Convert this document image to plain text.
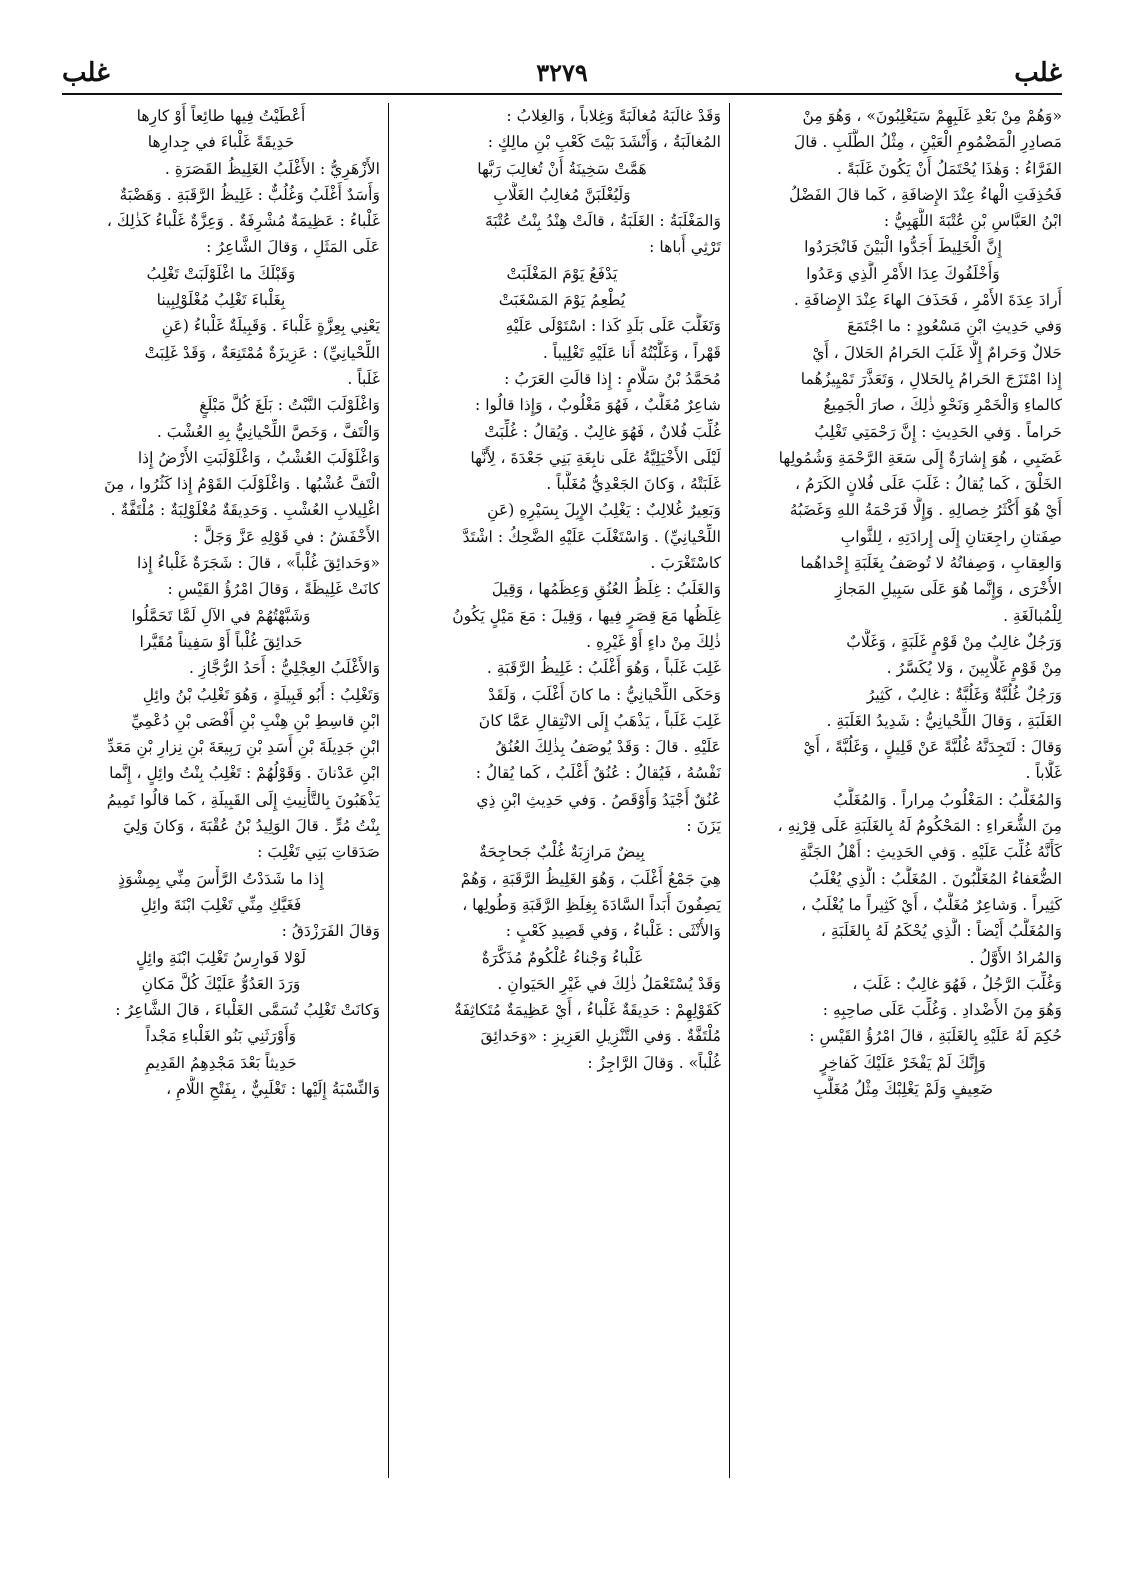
غلب
٣٢٧٩
غلب
«وَهُمْ مِنْ بَعْدِ غَلَبِهِمْ سَيَغْلِبُونَ» ، وَهُوَ مِنْ
مَصادِرِ الْمَضْمُومِ الْعَيْنِ ، مِثْلُ الطَّلَبِ . قالَ
الفَرَّاءُ : وَهٰذَا يُحْتَمَلُ أَنْ يَكُونَ غَلَبَةً .
فَحُذِفَتِ الْهاءُ عِنْدَ الإِضافَةِ ، كَما قالَ الفَضْلُ
ابْنُ العَبَّاسِ بْنِ عُتْبَةَ اللَّهَبِيُّ :
إِنَّ الْخَلِيطَ أَجَدُّوا الْبَيْنَ فَانْجَرَدُوا
وَأَخْلَفُوكَ عِدَا الأَمْرِ الَّذِي وَعَدُوا
أَرادَ عِدَةَ الأَمْرِ ، فَحَذَفَ الهاءَ عِنْدَ الإِضافَةِ .
وَفي حَدِيثِ ابْنِ مَسْعُودٍ : ما اجْتَمَعَ
حَلالٌ وَحَرامٌ إِلَّا غَلَبَ الحَرامُ الحَلالَ ، أَيْ
إِذا امْتَزَجَ الحَرامُ بِالحَلالِ ، وَتَعَذَّرَ تَمْيِيزُهُما
كالماءِ وَالْخَمْرِ وَنَحْوِ ذٰلِكَ ، صارَ الْجَمِيعُ
حَراماً . وَفي الحَدِيثِ : إِنَّ رَحْمَتِي تَغْلِبُ
غَضَبِي ، هُوَ إِشارَةٌ إِلَى سَعَةِ الرَّحْمَةِ وَشُمُولِها
الخَلْقَ ، كَما يُقالُ : غَلَبَ عَلَى فُلانٍ الكَرَمُ ،
أَيْ هُوَ أَكْثَرُ خِصالِهِ . وَإِلَّا فَرَحْمَةُ اللهِ وَغَضَبُهُ
صِفَتانِ راجِعَتانِ إِلَى إِرادَتِهِ ، لِلثَّوابِ
وَالعِقابِ ، وَصِفاتُهُ لا تُوصَفُ بِغَلَبَةِ إِحْداهُما
الأُخْرَى ، وَإِنَّما هُوَ عَلَى سَبِيلِ المَجازِ
لِلْمُبالَغَةِ .
وَرَجُلٌ غالِبٌ مِنْ قَوْمٍ غَلَبَةٍ ، وَغَلَّابٌ
مِنْ قَوْمٍ غَلَّابِينَ ، وَلا يُكَسَّرُ .
وَرَجُلٌ غُلُبَّةٌ وَغَلُبَّةٌ : غالِبٌ ، كَثِيرُ
الغَلَبَةِ ، وَقالَ اللِّحْيانِيُّ : شَدِيدُ الغَلَبَةِ .
وَقالَ : لَتَجِدَنَّهُ غُلُبَّةً عَنْ قَلِيلٍ ، وَغَلُبَّةً ، أَيْ
غَلَّاباً .
وَالمُغَلَّبُ : المَغْلُوبُ مِراراً . وَالمُغَلَّبُ
مِنَ الشُّعَراءِ : المَحْكُومُ لَهُ بِالغَلَبَةِ عَلَى قِرْنِهِ ،
كَأَنَّهُ غُلِّبَ عَلَيْهِ . وَفي الحَدِيثِ : أَهْلُ الجَنَّةِ
الضُّعَفاءُ المُغَلَّبُونَ . المُغَلَّبُ : الَّذِي يُغْلَبُ
كَثِيراً . وَشاعِرٌ مُغَلَّبٌ ، أَيْ كَثِيراً ما يُغْلَبُ ،
وَالمُغَلَّبُ أَيْضاً : الَّذِي يُحْكَمُ لَهُ بِالغَلَبَةِ ،
وَالمُرادُ الأَوَّلُ .
وَغُلِّبَ الرَّجُلُ ، فَهُوَ غالِبٌ : غَلَبَ ،
وَهُوَ مِنَ الأَضْدادِ . وَغُلِّبَ عَلَى صاحِبِهِ :
حُكِمَ لَهُ عَلَيْهِ بِالغَلَبَةِ ، قالَ امْرُؤُ القَيْسِ :
وَإِنَّكَ لَمْ يَفْخَرْ عَلَيْكَ كَفاخِرٍ
ضَعِيفٍ وَلَمْ يَغْلِبْكَ مِثْلُ مُغَلَّبِ
وَقَدْ غالَبَهُ مُغالَبَةً وَغِلاباً ، وَالغِلابُ :
المُغالَبَةُ ، وَأَنْشَدَ بَيْتَ كَعْبِ بْنِ مالِكٍ :
هَمَّتْ سَخِينَةُ أَنْ تُغالِبَ رَبَّها
وَلَيُغْلَبَنَّ مُغالِبُ الغَلَّابِ
وَالمَغْلَبَةُ : الغَلَبَةُ ، قالَتْ هِنْدُ بِنْتُ عُتْبَةَ
تَرْثِي أَباها :
يَدْفَعُ يَوْمَ المَغْلَبَتْ
يُطْعِمُ يَوْمَ المَسْغَبَتْ
وَتَغَلَّبَ عَلَى بَلَدِ كَذا : اسْتَوْلَى عَلَيْهِ
قَهْراً ، وَغَلَّبْتُهُ أَنا عَلَيْهِ تَغْلِيباً .
مُحَمَّدُ بْنُ سَلَّامٍ : إِذا قالَتِ العَرَبُ :
شاعِرٌ مُغَلَّبٌ ، فَهُوَ مَغْلُوبٌ ، وَإِذا قالُوا :
غُلِّبَ فُلانٌ ، فَهُوَ غالِبٌ . وَيُقالُ : غُلِّبَتْ
لَيْلَى الأَخْيَلِيَّةُ عَلَى نابِغَةِ بَنِي جَعْدَةَ ، لِأَنَّها
غَلَبَتْهُ ، وَكانَ الجَعْدِيُّ مُغَلَّباً .
وَبَعِيرٌ غُلالِبٌ : يَغْلِبُ الإِبِلَ بِسَيْرِهِ (عَنِ
اللِّحْيانِيِّ) . وَاسْتَغْلَبَ عَلَيْهِ الضَّحِكُ : اشْتَدَّ
كاسْتَغْرَبَ .
وَالغَلَبُ : غِلَظُ العُنُقِ وَعِظَمُها ، وَقِيلَ
غِلَظُها مَعَ قِصَرٍ فِيها ، وَقِيلَ : مَعَ مَيْلٍ يَكُونُ
ذٰلِكَ مِنْ داءٍ أَوْ غَيْرِهِ .
غَلِبَ غَلَباً ، وَهُوَ أَغْلَبُ : غَلِيظُ الرَّقَبَةِ .
وَحَكَى اللِّحْيانِيُّ : ما كانَ أَغْلَبَ ، وَلَقَدْ
غَلِبَ غَلَباً ، يَذْهَبُ إِلَى الانْتِقالِ عَمَّا كانَ
عَلَيْهِ . قالَ : وَقَدْ يُوصَفُ بِذٰلِكَ العُنُقُ
نَفْسُهُ ، فَيُقالُ : عُنُقٌ أَغْلَبُ ، كَما يُقالُ :
عُنُقٌ أَجْيَدُ وَأَوْقَصُ . وَفي حَدِيثِ ابْنِ ذِي
يَزَنَ :
بِيضٌ مَرازِبَةٌ غُلْبٌ جَحاجِحَةٌ
هِيَ جَمْعُ أَغْلَبَ ، وَهُوَ الغَلِيظُ الرَّقَبَةِ ، وَهُمْ
يَصِفُونَ أَبَداً السَّادَةَ بِغِلَظِ الرَّقَبَةِ وَطُولِها ،
وَالأُنْثَى : غَلْباءُ ، وَفي قَصِيدِ كَعْبٍ :
غَلْباءُ وَجْناءُ عُلْكُومٌ مُذَكَّرَةٌ
وَقَدْ يُسْتَعْمَلُ ذٰلِكَ في غَيْرِ الحَيَوانِ .
كَقَوْلِهِمْ : حَدِيقَةٌ غَلْباءُ ، أَيْ عَظِيمَةٌ مُتَكاثِفَةٌ
مُلْتَفَّةٌ . وَفي التَّنْزِيلِ العَزِيزِ : «وَحَدائِقَ
غُلْباً» . وَقالَ الرَّاجِزُ :
أَعْطَيْتُ فِيها طائِعاً أَوْ كارِها
حَدِيقَةً غَلْباءَ في جِدارِها
الأَزْهَرِيُّ : الأَغْلَبُ الغَلِيظُ القَصَرَةِ .
وَأَسَدٌ أَغْلَبُ وَغُلُبٌّ : غَلِيظُ الرَّقَبَةِ . وَهَضْبَةٌ
غَلْباءُ : عَظِيمَةٌ مُشْرِفَةٌ . وَعِزَّةٌ غَلْباءُ كَذٰلِكَ ،
عَلَى المَثَلِ ، وَقالَ الشَّاعِرُ :
وَقَبْلَكَ ما اغْلَوْلَبَتْ تَغْلِبُ
بِغَلْباءَ تَغْلِبُ مُغْلَوْلِبِينا
يَعْنِي بِعِزَّةٍ غَلْباءَ . وَقَبِيلَةٌ غَلْباءُ (عَنِ
اللِّحْيانِيِّ) : عَزِيزَةٌ مُمْتَنِعَةٌ ، وَقَدْ غَلِبَتْ
غَلَباً .
وَاغْلَوْلَبَ النَّبْتُ : بَلَغَ كُلَّ مَبْلَغٍ
وَالْتَفَّ ، وَخَصَّ اللِّحْيانِيُّ بِهِ العُشْبَ .
وَاغْلَوْلَبَ العُشْبُ ، وَاغْلَوْلَبَتِ الأَرْضُ إِذا
الْتَفَّ عُشْبُها . وَاغْلَوْلَبَ القَوْمُ إِذا كَثُرُوا ، مِنَ
اغْلِيلابِ العُشْبِ . وَحَدِيقَةٌ مُغْلَوْلِبَةٌ : مُلْتَفَّةٌ .
الأَخْفَشُ : في قَوْلِهِ عَزَّ وَجَلَّ :
«وَحَدائِقَ غُلْباً» ، قالَ : شَجَرَةٌ غَلْباءُ إِذا
كانَتْ غَلِيظَةً ، وَقالَ امْرُؤُ القَيْسِ :
وَشَبَّهْتُهُمْ في الآلِ لَمَّا تَحَمَّلُوا
حَدائِقَ غُلْباً أَوْ سَفِيناً مُقَيَّرا
وَالأَغْلَبُ العِجْلِيُّ : أَحَدُ الرُّجَّازِ .
وَتَغْلِبُ : أَبُو قَبِيلَةٍ ، وَهُوَ تَغْلِبُ بْنُ وائِلِ
ابْنِ قاسِطِ بْنِ هِنْبِ بْنِ أَفْصَى بْنِ دُعْمِيِّ
ابْنِ جَدِيلَةَ بْنِ أَسَدِ بْنِ رَبِيعَةَ بْنِ نِزارِ بْنِ مَعَدِّ
ابْنِ عَدْنانَ . وَقَوْلُهُمْ : تَغْلِبُ بِنْتُ وائِلٍ ، إِنَّما
يَذْهَبُونَ بِالتَّأْنِيثِ إِلَى القَبِيلَةِ ، كَما قالُوا تَمِيمُ
بِنْتُ مُرٍّ . قالَ الوَلِيدُ بْنُ عُقْبَةَ ، وَكانَ وَلِيَ
صَدَقاتِ بَنِي تَغْلِبَ :
إِذا ما شَدَدْتُ الرَّأْسَ مِنِّي بِمِشْوَذٍ
فَغَيَّكِ مِنِّي تَغْلِبَ ابْنَةَ وائِلِ
وَقالَ الفَرَزْدَقُ :
لَوْلا فَوارِسُ تَغْلِبَ ابْنَةِ وائِلٍ
وَرَدَ العَدُوُّ عَلَيْكَ كُلَّ مَكانِ
وَكانَتْ تَغْلِبُ تُسَمَّى الغَلْباءَ ، قالَ الشَّاعِرُ :
وَأَوْرَثَنِي بَنُو الغَلْباءِ مَجْداً
حَدِيثاً بَعْدَ مَجْدِهِمُ القَدِيمِ
وَالنِّسْبَةُ إِلَيْها : تَغْلَبِيٌّ ، بِفَتْحِ اللَّامِ ،
